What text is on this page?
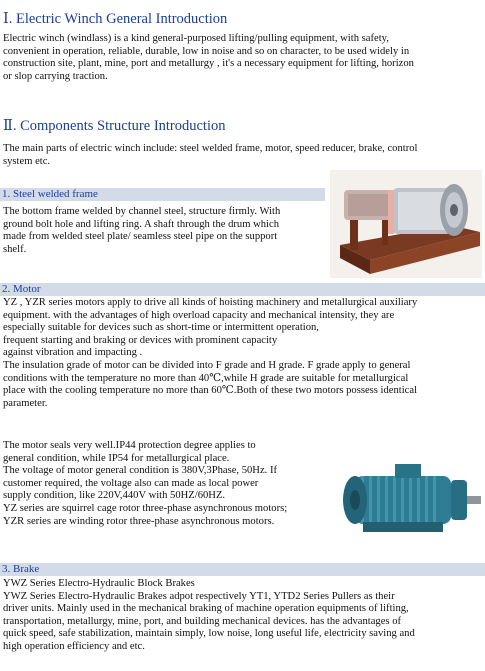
Ⅰ. Electric Winch General Introduction
Electric winch (windlass) is a kind general-purposed lifting/pulling equipment, with safety,
convenient in operation, reliable, durable, low in noise and so on character, to be used widely in
construction site, plant, mine, port and metallurgy , it's a necessary equipment for lifting, horizon
or slop carrying traction.
Ⅱ. Components Structure Introduction
The main parts of electric winch include: steel welded frame, motor, speed reducer, brake, control
system etc.
1. Steel welded frame
The bottom frame welded by channel steel, structure firmly. With
ground bolt hole and lifting ring. A shaft through the drum which
made from welded steel plate/ seamless steel pipe on the support
shelf.
2. Motor
YZ , YZR series motors apply to drive all kinds of hoisting machinery and metallurgical auxiliary
equipment. with the advantages of high overload capacity and mechanical intensity, they are
especially suitable for devices such as short-time or intermittent operation,
frequent starting and braking or devices with prominent capacity
against vibration and impacting .
The insulation grade of motor can be divided into F grade and H grade. F grade apply to general
conditions with the temperature no more than 40℃,while H grade are suitable for metallurgical
place with the cooling temperature no more than 60℃.Both of these two motors possess identical
parameter.
The motor seals very well.IP44 protection degree applies to
general condition, while IP54 for metallurgical place.
The voltage of motor general condition is 380V,3Phase, 50Hz. If
customer required, the voltage also can made as local power
supply condition, like 220V,440V with 50HZ/60HZ.
YZ series are squirrel cage rotor three-phase asynchronous motors;
YZR series are winding rotor three-phase asynchronous motors.
3. Brake
YWZ Series Electro-Hydraulic Block Brakes
YWZ Series Electro-Hydraulic Brakes adpot respectively YT1, YTD2 Series Pullers as their
driver units. Mainly used in the mechanical braking of machine operation equipments of lifting,
transportation, metallurgy, mine, port, and building mechanical devices. has the advantages of
quick speed, safe stabilization, maintain simply, low noise, long useful life, electricity saving and
high operation efficiency and etc.
